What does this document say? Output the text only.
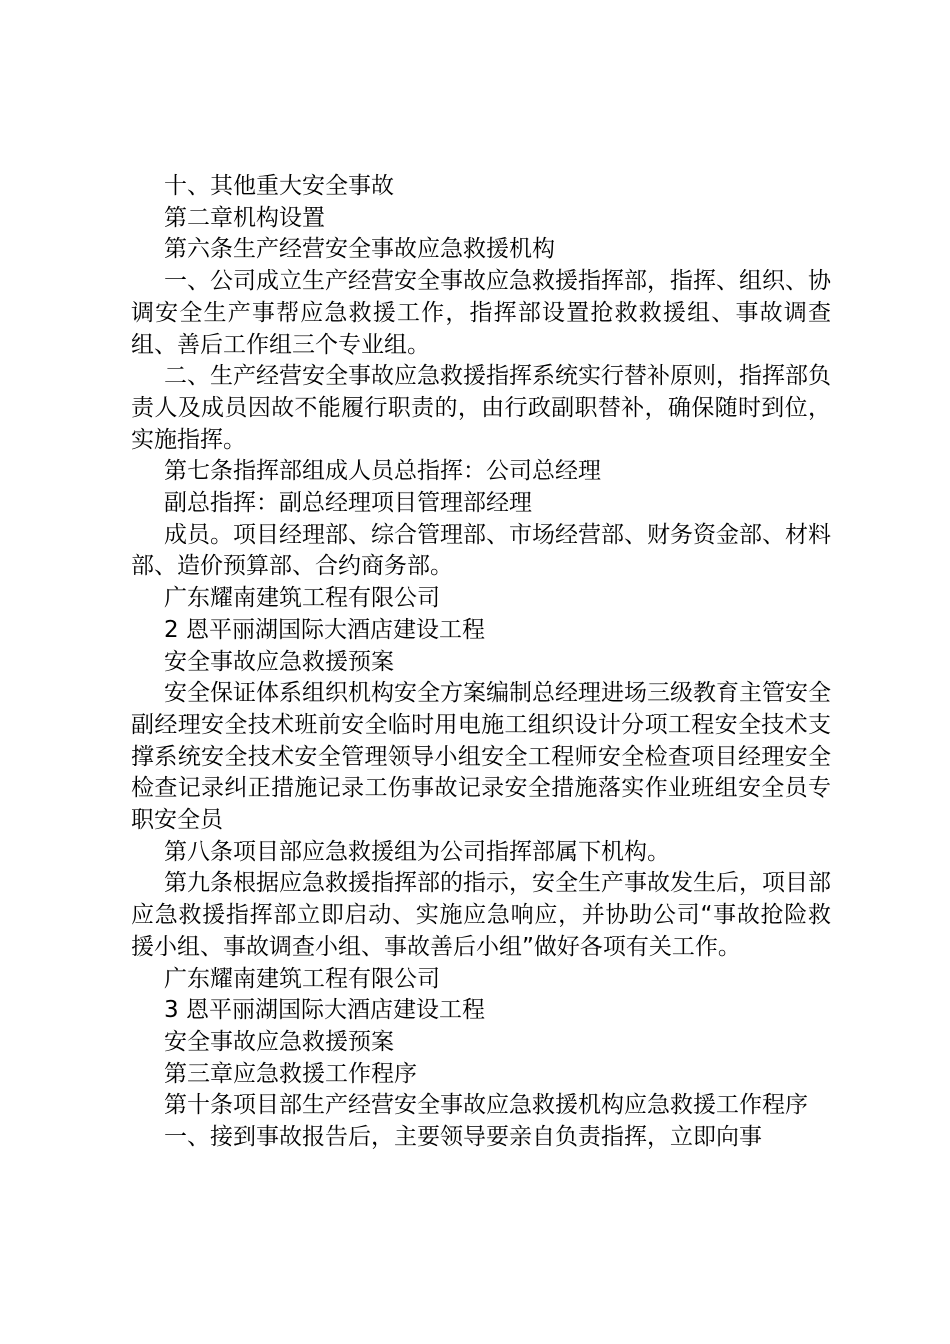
十、其他重大安全事故

第二章机构设置

第六条生产经营安全事故应急救援机构

一、公司成立生产经营安全事故应急救援指挥部，指挥、组织、协调安全生产事帮应急救援工作，指挥部设置抢救救援组、事故调查组、善后工作组三个专业组。

二、生产经营安全事故应急救援指挥系统实行替补原则，指挥部负责人及成员因故不能履行职责的，由行政副职替补，确保随时到位，实施指挥。

第七条指挥部组成人员总指挥：公司总经理

副总指挥：副总经理项目管理部经理

成员。项目经理部、综合管理部、市场经营部、财务资金部、材料部、造价预算部、合约商务部。

广东耀南建筑工程有限公司

2 恩平丽湖国际大酒店建设工程

安全事故应急救援预案

安全保证体系组织机构安全方案编制总经理进场三级教育主管安全副经理安全技术班前安全临时用电施工组织设计分项工程安全技术支撑系统安全技术安全管理领导小组安全工程师安全检查项目经理安全检查记录纠正措施记录工伤事故记录安全措施落实作业班组安全员专职安全员

第八条项目部应急救援组为公司指挥部属下机构。

第九条根据应急救援指挥部的指示，安全生产事故发生后，项目部应急救援指挥部立即启动、实施应急响应，并协助公司“事故抢险救援小组、事故调查小组、事故善后小组”做好各项有关工作。

广东耀南建筑工程有限公司

3 恩平丽湖国际大酒店建设工程

安全事故应急救援预案

第三章应急救援工作程序

第十条项目部生产经营安全事故应急救援机构应急救援工作程序

一、接到事故报告后，主要领导要亲自负责指挥，立即向事
